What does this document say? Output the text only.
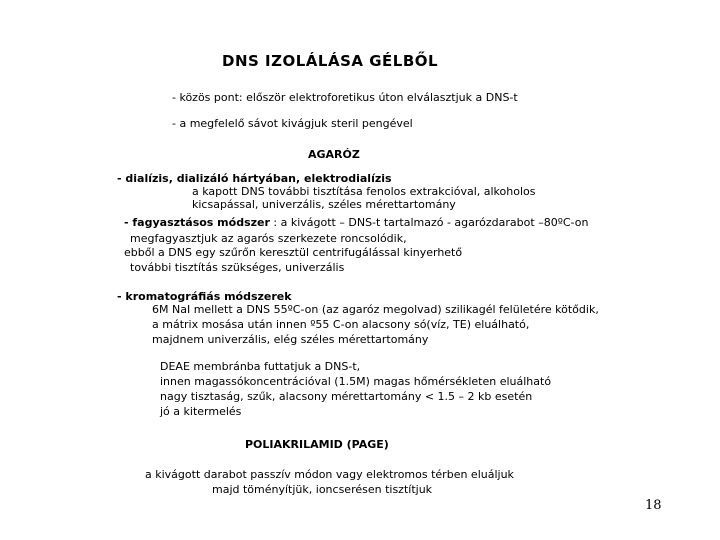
DNS IZOLÁLÁSA GÉLBŐL
- közös pont: először elektroforetikus úton elválasztjuk a DNS-t
- a megfelelő sávot kivágjuk steril pengével
AGARÓZ
- dialízis, dializáló hártyában, elektrodialízis
a kapott DNS további tisztítása fenolos extrakcióval, alkoholos
kicsapással, univerzális, széles mérettartomány
- fagyasztásos módszer : a kivágott – DNS-t tartalmazó - agarózdarabot –80ºC-on
megfagyasztjuk az agarós szerkezete roncsolódik,
ebből a DNS egy szűrőn keresztül centrifugálással kinyerhető
további tisztítás szükséges, univerzális
- kromatográfiás módszerek
6M NaI mellett a DNS 55ºC-on (az agaróz megolvad) szilikagél felületére kötődik,
a mátrix mosása után innen º55 C-on alacsony só(víz, TE) eluálható,
majdnem univerzális, elég széles mérettartomány
DEAE membránba futtatjuk a DNS-t,
innen magassókoncentrációval (1.5M) magas hőmérsékleten eluálható
nagy tisztaság, szűk, alacsony mérettartomány < 1.5 – 2 kb esetén
jó a kitermelés
POLIAKRILAMID (PAGE)
a kivágott darabot passzív módon vagy elektromos térben eluáljuk
majd töményítjük, ioncserésen tisztítjuk
18
